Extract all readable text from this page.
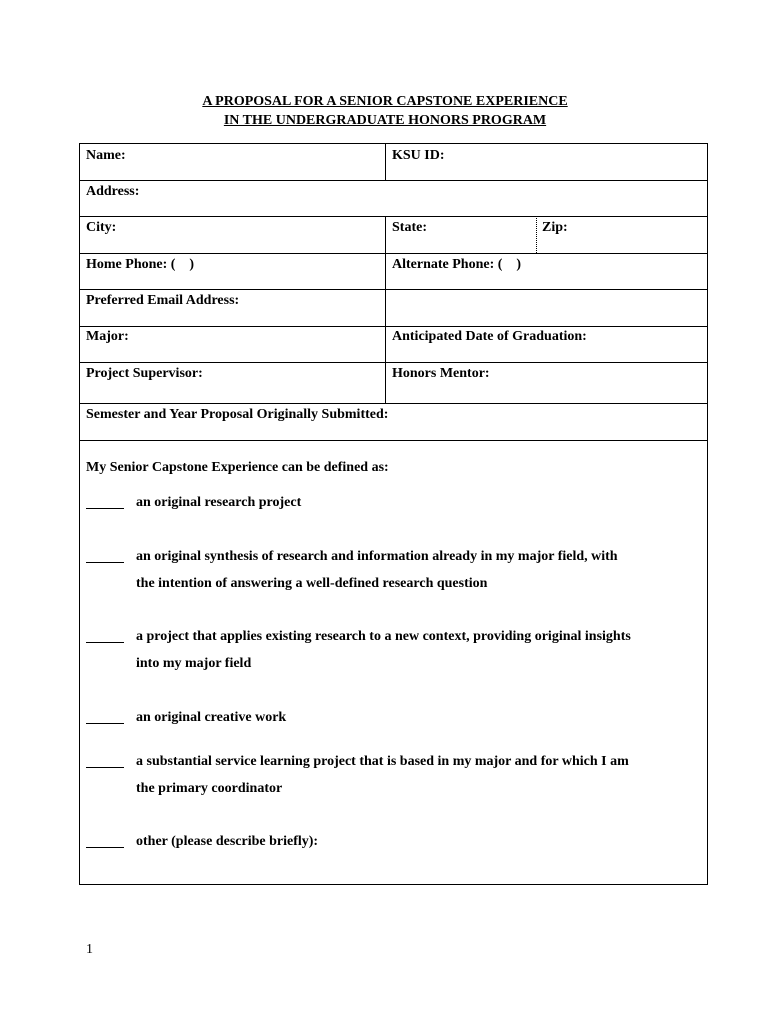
A PROPOSAL FOR A SENIOR CAPSTONE EXPERIENCE
IN THE UNDERGRADUATE HONORS PROGRAM
Name:	KSU ID:
Address:
City:	State:	Zip:
Home Phone: (    )	Alternate Phone: (    )
Preferred Email Address:
Major:	Anticipated Date of Graduation:
Project Supervisor:	Honors Mentor:
Semester and Year Proposal Originally Submitted:
My Senior Capstone Experience can be defined as:
an original research project
an original synthesis of research and information already in my major field, with
the intention of answering a well-defined research question
a project that applies existing research to a new context, providing original insights
into my major field
an original creative work
a substantial service learning project that is based in my major and for which I am
the primary coordinator
other (please describe briefly):
1
